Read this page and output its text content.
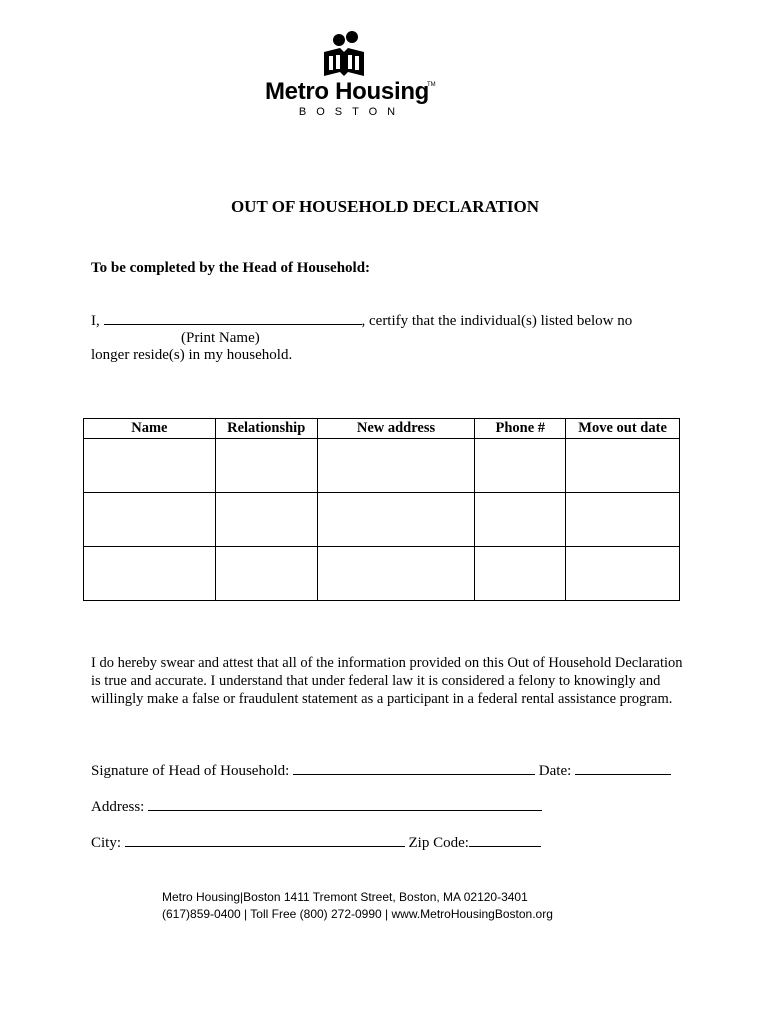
Metro Housing
TM
BOSTON
OUT OF HOUSEHOLD DECLARATION
To be completed by the Head of Household:
I,	, certify that the individual(s) listed below no
(Print Name)
longer reside(s) in my household.
Name	Relationship	New address	Phone #	Move out date

I do hereby swear and attest that all of the information provided on this Out of Household Declaration is true and accurate. I understand that under federal law it is considered a felony to knowingly and willingly make a false or fraudulent statement as a participant in a federal rental assistance program.
Signature of Head of Household:	Date:
Address:
City:	Zip Code:
Metro Housing|Boston 1411 Tremont Street, Boston, MA 02120-3401
(617)859-0400 | Toll Free (800) 272-0990 | www.MetroHousingBoston.org
